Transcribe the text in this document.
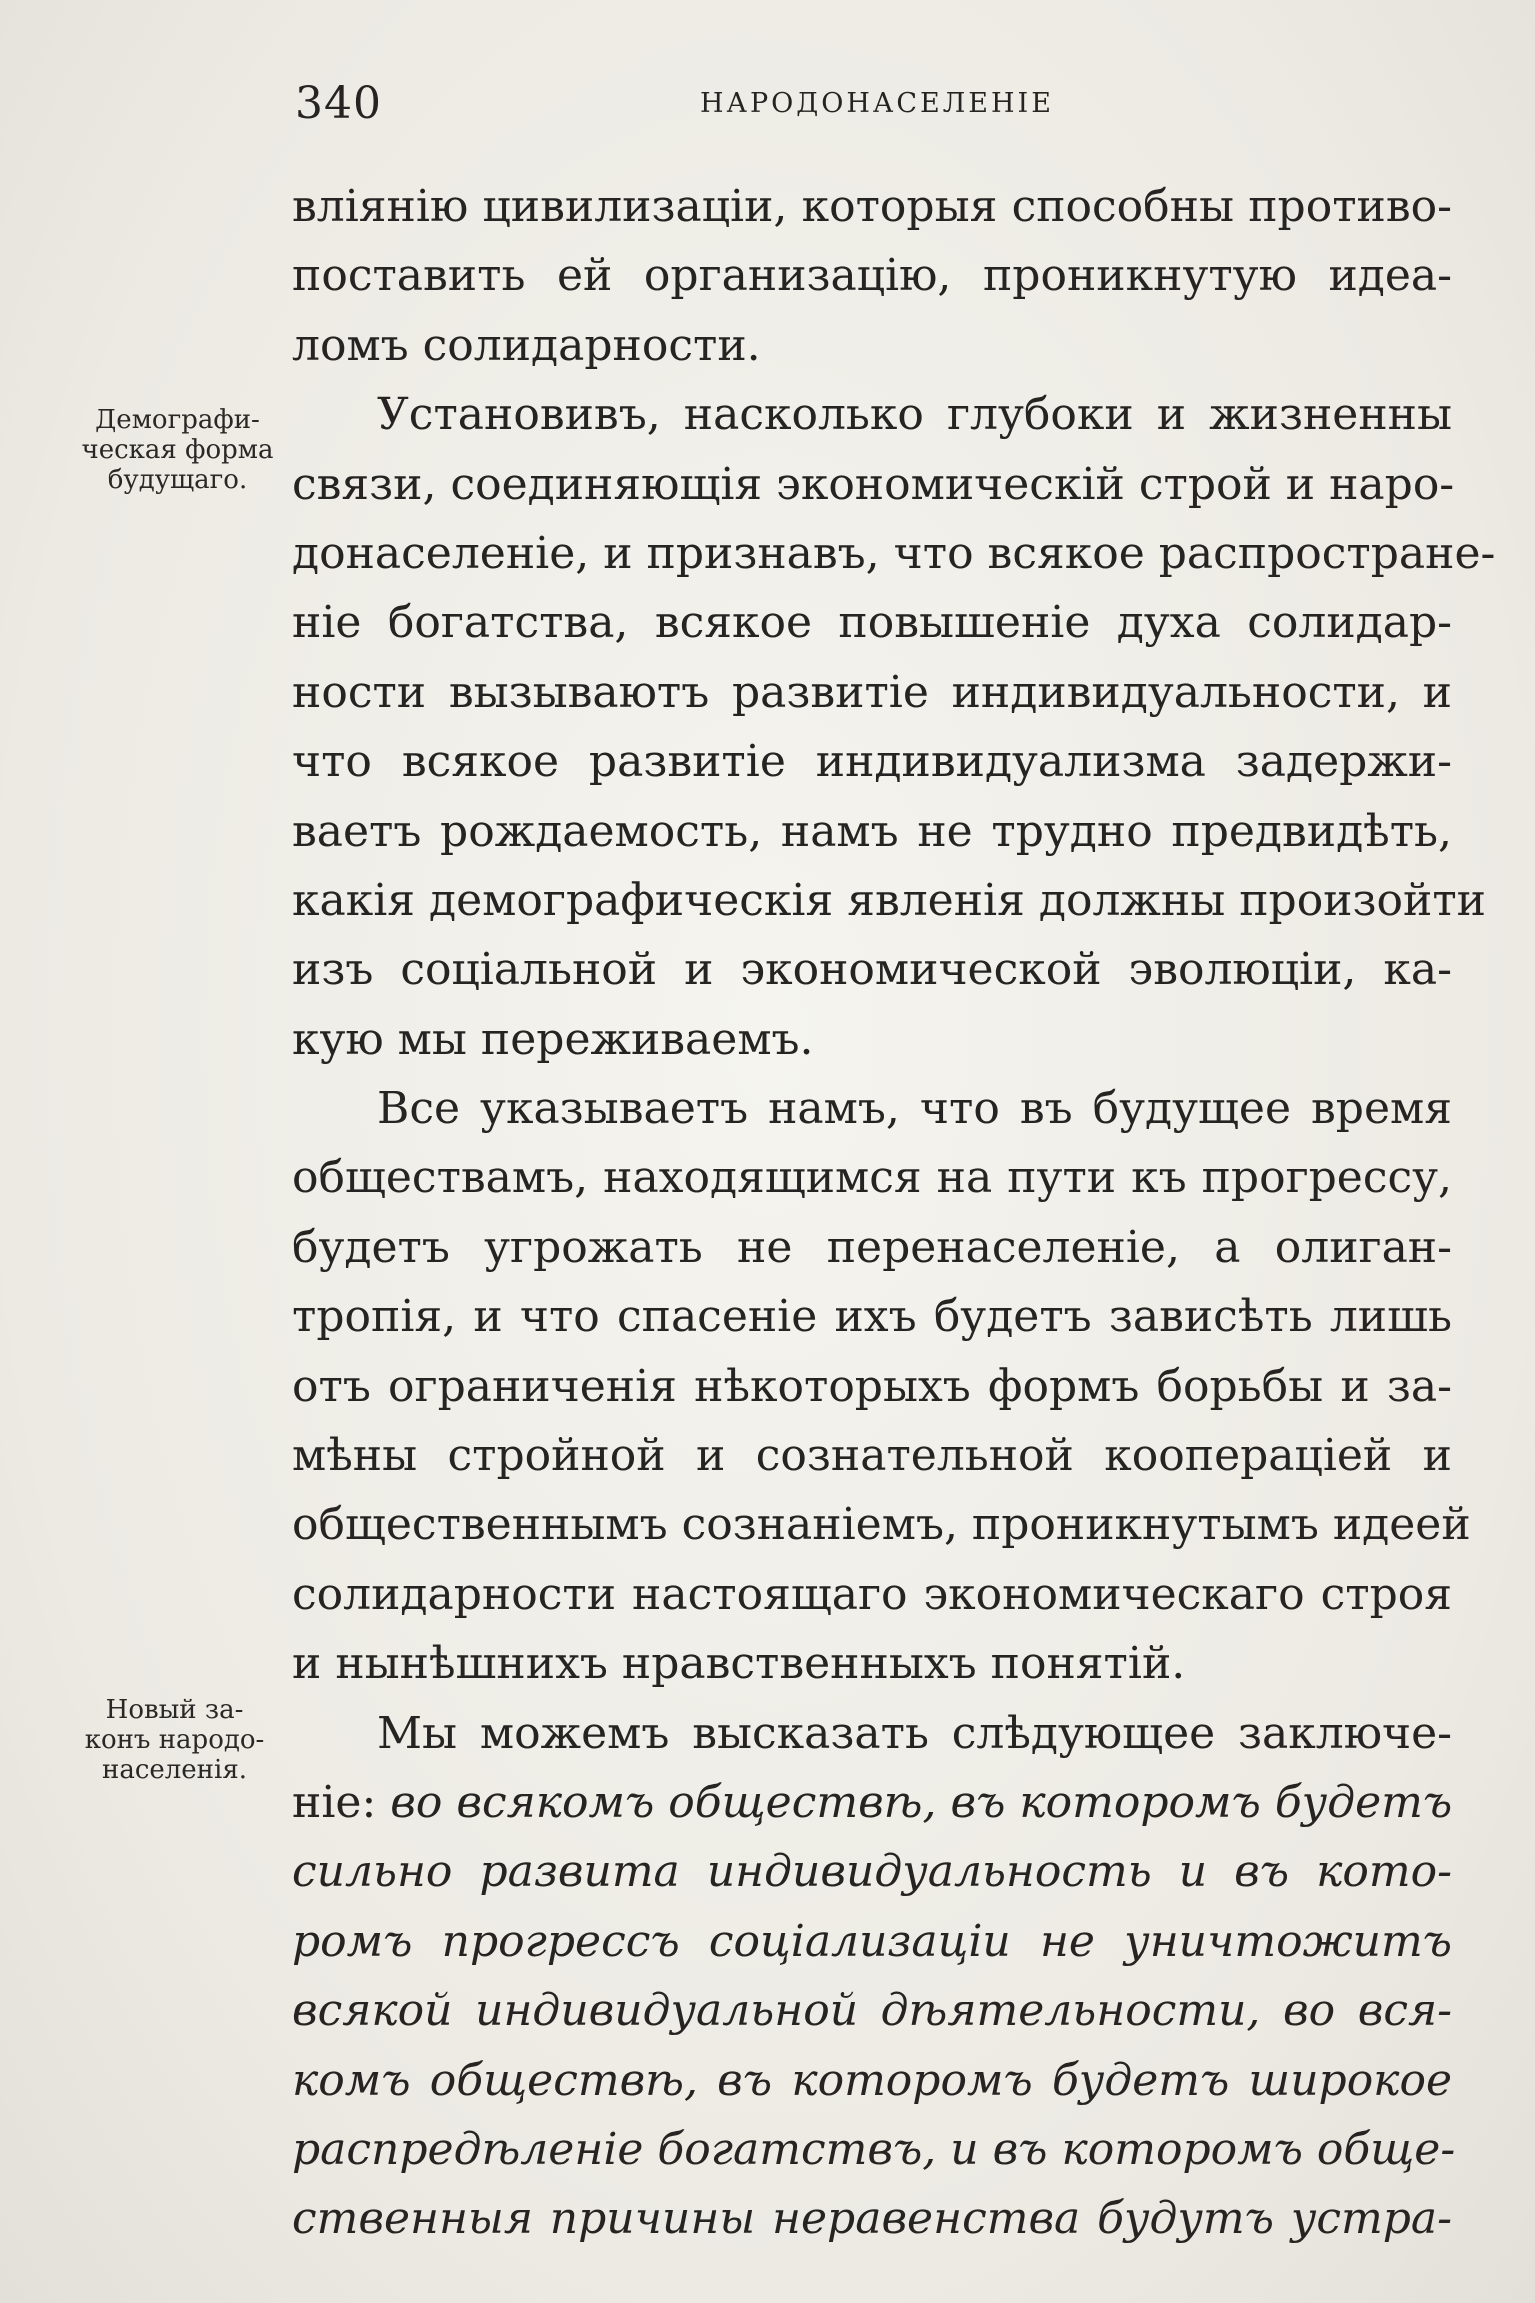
340	НАРОДОНАСЕЛЕНІЕ
Демографи-
ческая форма
будущаго.
Новый за-
конъ народо-
населенія.
вліянію цивилизаціи, которыя способны противо-
поставить ей организацію, проникнутую идеа-
ломъ солидарности.
Установивъ, насколько глубоки и жизненны
связи, соединяющія экономическій строй и наро-
донаселеніе, и признавъ, что всякое распростране-
ніе богатства, всякое повышеніе духа солидар-
ности вызываютъ развитіе индивидуальности, и
что всякое развитіе индивидуализма задержи-
ваетъ рождаемость, намъ не трудно предвидѣть,
какія демографическія явленія должны произойти
изъ соціальной и экономической эволюціи, ка-
кую мы переживаемъ.
Все указываетъ намъ, что въ будущее время
обществамъ, находящимся на пути къ прогрессу,
будетъ угрожать не перенаселеніе, а олиган-
тропія, и что спасеніе ихъ будетъ зависѣть лишь
отъ ограниченія нѣкоторыхъ формъ борьбы и за-
мѣны стройной и сознательной кооперацiей и
общественнымъ сознаніемъ, проникнутымъ идеей
солидарности настоящаго экономическаго строя
и нынѣшнихъ нравственныхъ понятій.
Мы можемъ высказать слѣдующее заключе-
ніе: во всякомъ обществѣ, въ которомъ будетъ
сильно развита индивидуальность и въ кото-
ромъ прогрессъ соціализаціи не уничтожитъ
всякой индивидуальной дѣятельности, во вся-
комъ обществѣ, въ которомъ будетъ широкое
распредѣленіе богатствъ, и въ которомъ обще-
ственныя причины неравенства будутъ устра-
